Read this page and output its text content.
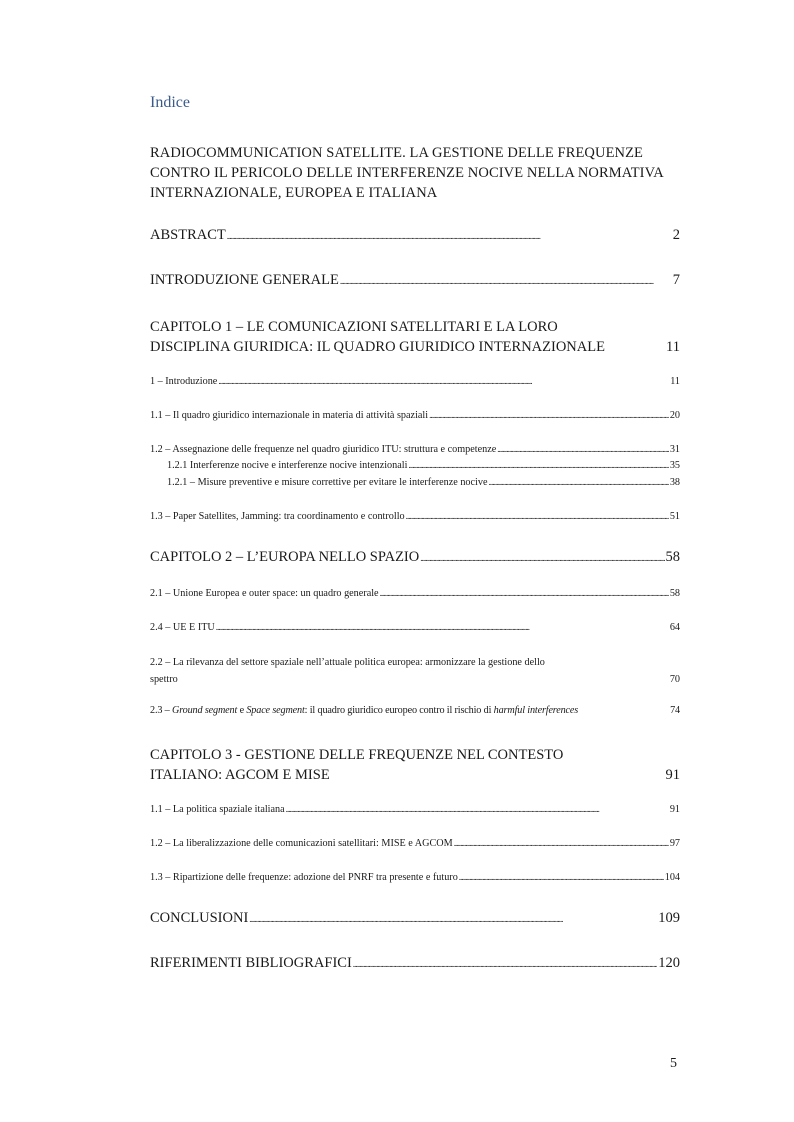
Indice
RADIOCOMMUNICATION SATELLITE. LA GESTIONE DELLE FREQUENZE CONTRO IL PERICOLO DELLE INTERFERENZE NOCIVE NELLA NORMATIVA INTERNAZIONALE, EUROPEA E ITALIANA
ABSTRACT . . .	2
INTRODUZIONE GENERALE . . .	7
CAPITOLO 1 – LE COMUNICAZIONI SATELLITARI E LA LORO
DISCIPLINA GIURIDICA: IL QUADRO GIURIDICO INTERNAZIONALE	11
1 – Introduzione . . .	11
1.1 – Il quadro giuridico internazionale in materia di attività spaziali . . .	20
1.2 – Assegnazione delle frequenze nel quadro giuridico ITU: struttura e competenze . . .	31
1.2.1 Interferenze nocive e interferenze nocive intenzionali . . .	35
1.2.1 – Misure preventive e misure correttive per evitare le interferenze nocive . . .	38
1.3 – Paper Satellites, Jamming: tra coordinamento e controllo . . .	51
CAPITOLO 2 – L’EUROPA NELLO SPAZIO . . .	58
2.1 – Unione Europea e outer space: un quadro generale . . .	58
2.4 – UE E ITU . . .	64
2.2 – La rilevanza del settore spaziale nell’attuale politica europea: armonizzare la gestione dello
spettro	70
2.3 – Ground segment e Space segment: il quadro giuridico europeo contro il rischio di harmful interferences	74
CAPITOLO 3 - GESTIONE DELLE FREQUENZE NEL CONTESTO
ITALIANO: AGCOM E MISE	91
1.1 – La politica spaziale italiana . . .	91
1.2 – La liberalizzazione delle comunicazioni satellitari: MISE e AGCOM . . .	97
1.3 – Ripartizione delle frequenze: adozione del PNRF tra presente e futuro . . .	104
CONCLUSIONI . . .	109
RIFERIMENTI BIBLIOGRAFICI . . .	120
5
